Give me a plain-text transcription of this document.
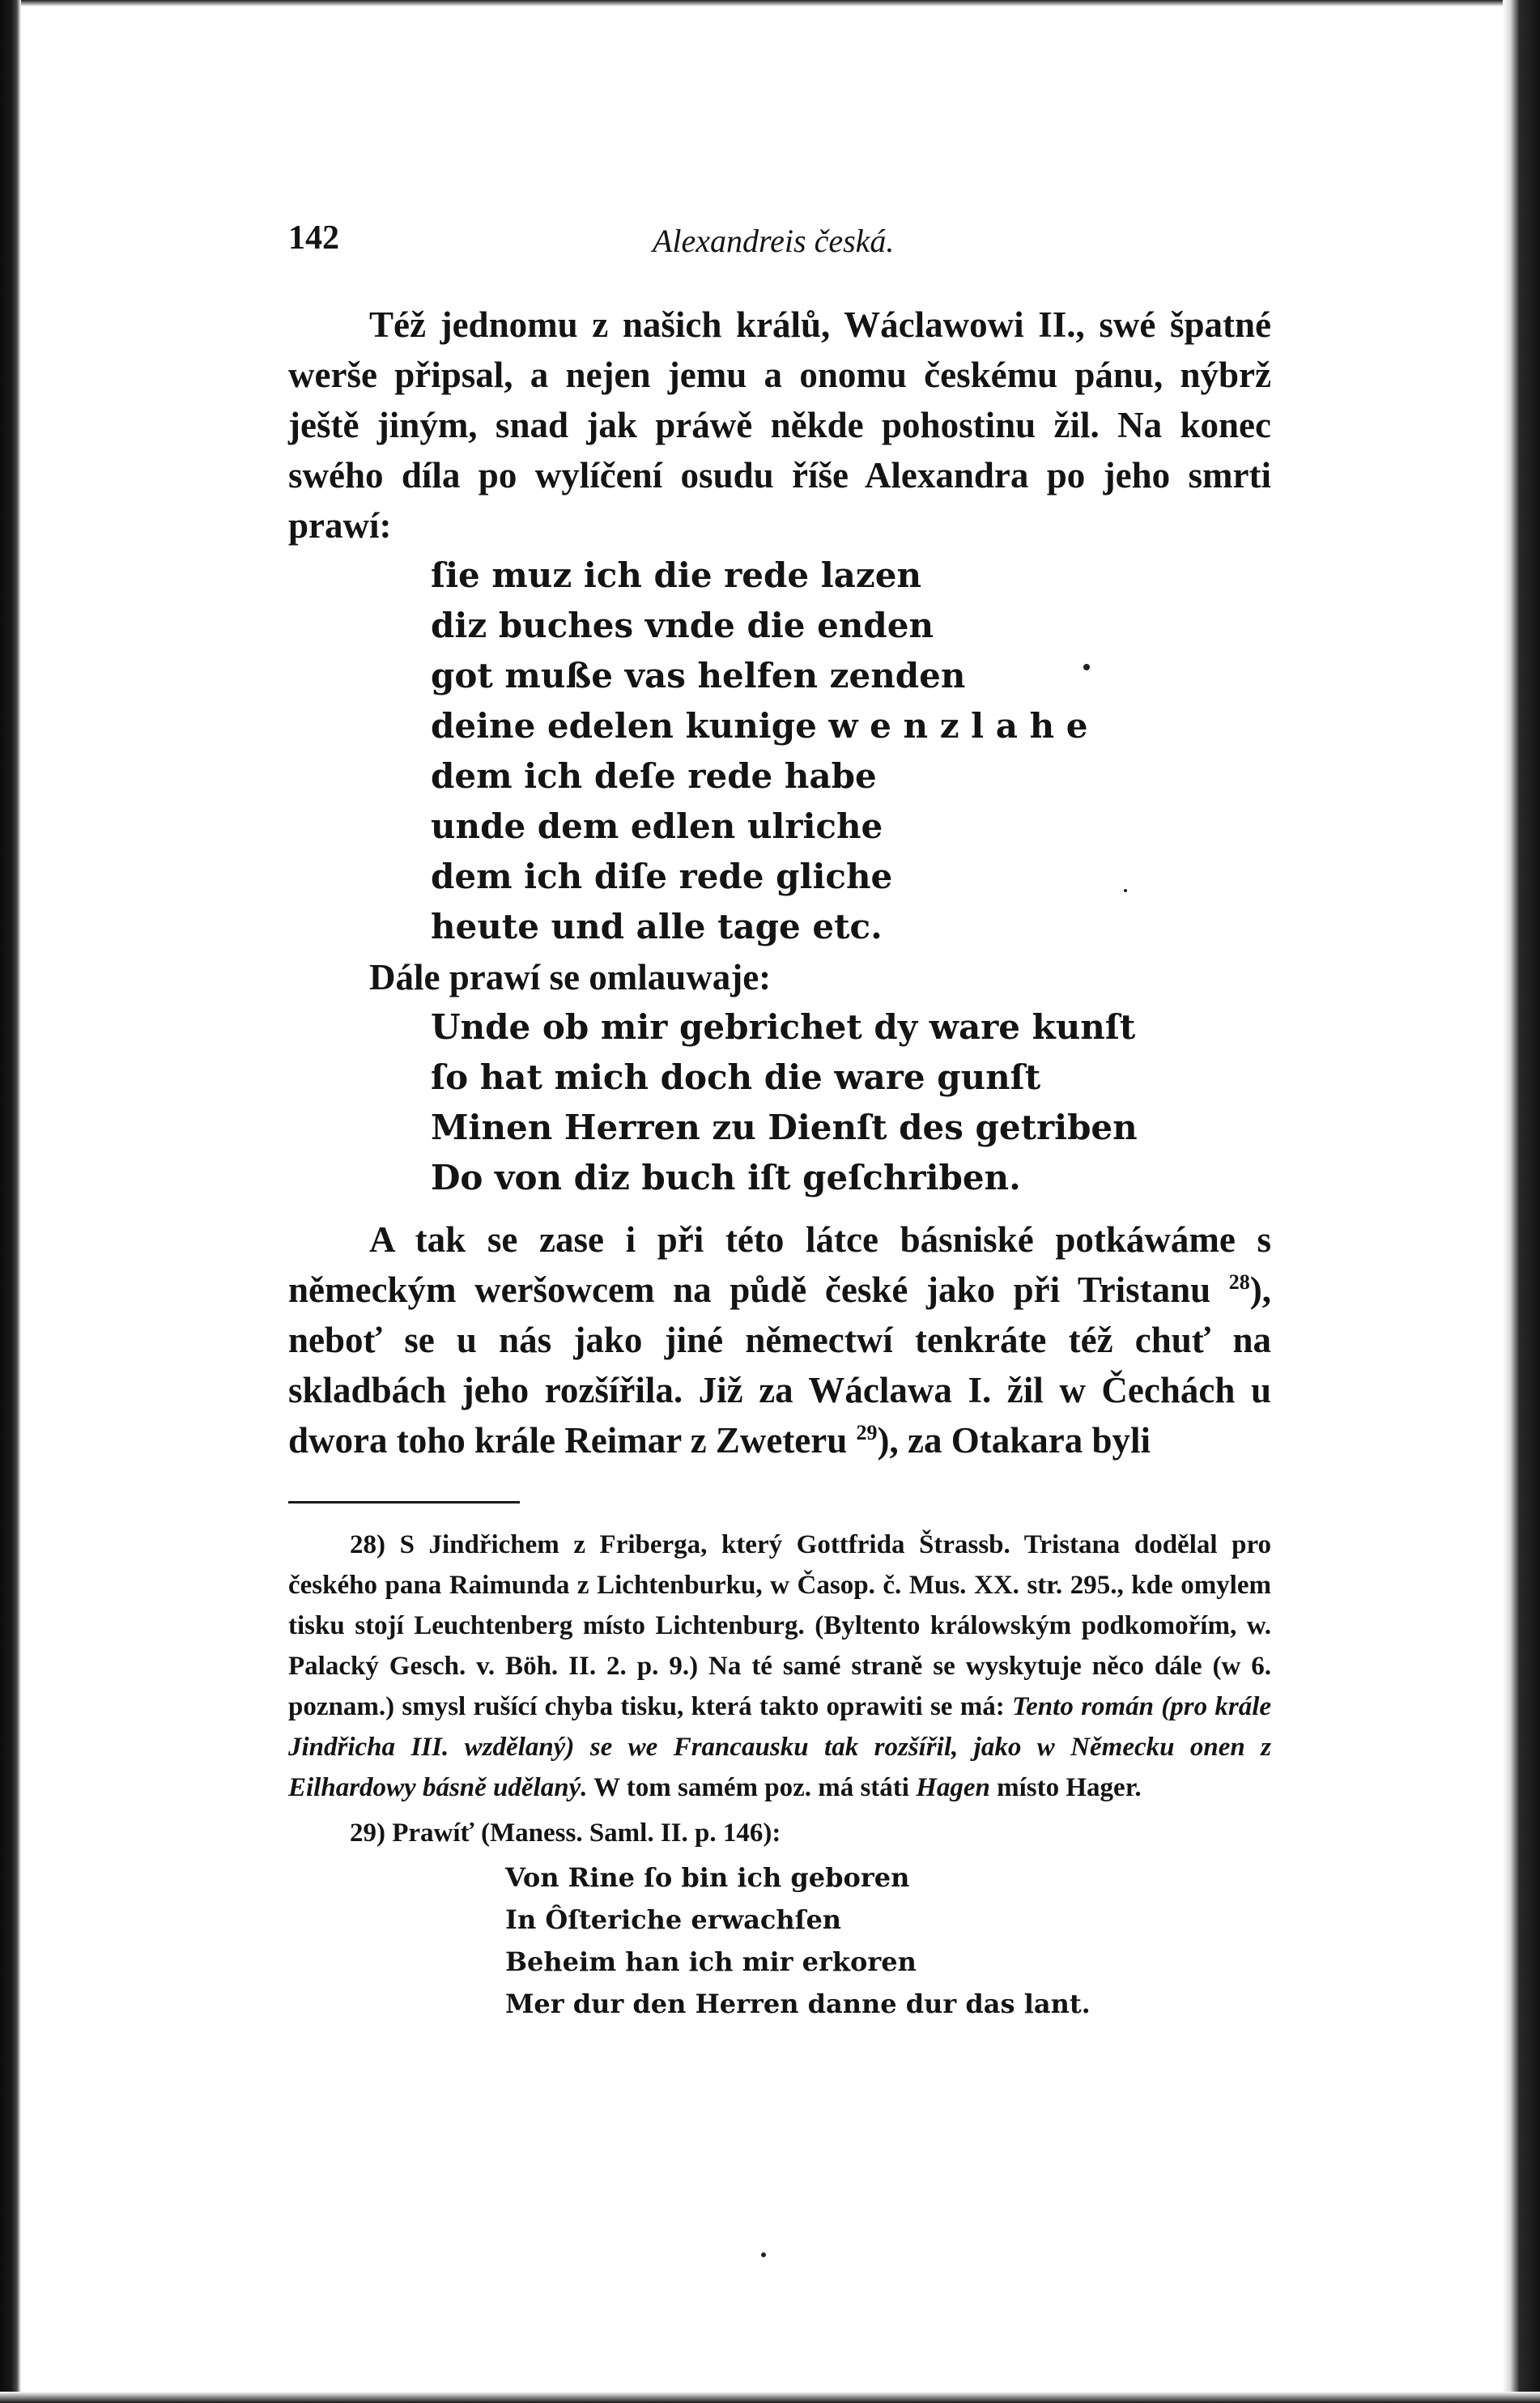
142	Alexandreis česká.

Též jednomu z našich králů, Wáclawowi II., swé špatné werše připsal, a nejen jemu a onomu českému pánu, nýbrž ještě jiným, snad jak práwě někde pohostinu žil. Na konec swého díla po wylíčení osudu říše Alexandra po jeho smrti prawí:

ſie muz ich die rede lazen
diz buches vnde die enden
got muße vas helfen zenden
deine edelen kunige w e n z l a h e
dem ich deſe rede habe
unde dem edlen ulriche
dem ich diſe rede gliche
heute und alle tage etc.
Dále prawí se omlauwaje:
Unde ob mir gebrichet dy ware kunſt
ſo hat mich doch die ware gunſt
Minen Herren zu Dienſt des getriben
Do von diz buch iſt geſchriben.

A tak se zase i při této látce básniské potkáwáme s německým weršowcem na půdě české jako při Tristanu $^{28}$), neboť se u nás jako jiné němectwí tenkráte též chuť na skladbách jeho rozšířila. Již za Wáclawa I. žil w Čechách u dwora toho krále Reimar z Zweteru $^{29}$), za Otakara byli

28) S Jindřichem z Friberga, který Gottfrida Štrassb. Tristana dodělal pro českého pana Raimunda z Lichtenburku, w Časop. č. Mus. XX. str. 295., kde omylem tisku stojí Leuchtenberg místo Lichtenburg. (Byltento králowským podkomořím, w. Palacký Gesch. v. Böh. II. 2. p. 9.) Na té samé straně se wyskytuje něco dále (w 6. poznam.) smysl rušící chyba tisku, která takto oprawiti se má: Tento román (pro krále Jindřicha III. wzdělaný) se we Francausku tak rozšířil, jako w Německu onen z Eilhardowy básně udělaný. W tom samém poz. má státi Hagen místo Hager.

29) Prawíť (Maness. Saml. II. p. 146):

Von Rine ſo bin ich geboren
In Ôſteriche erwachſen
Beheim han ich mir erkoren
Mer dur den Herren danne dur das lant.
